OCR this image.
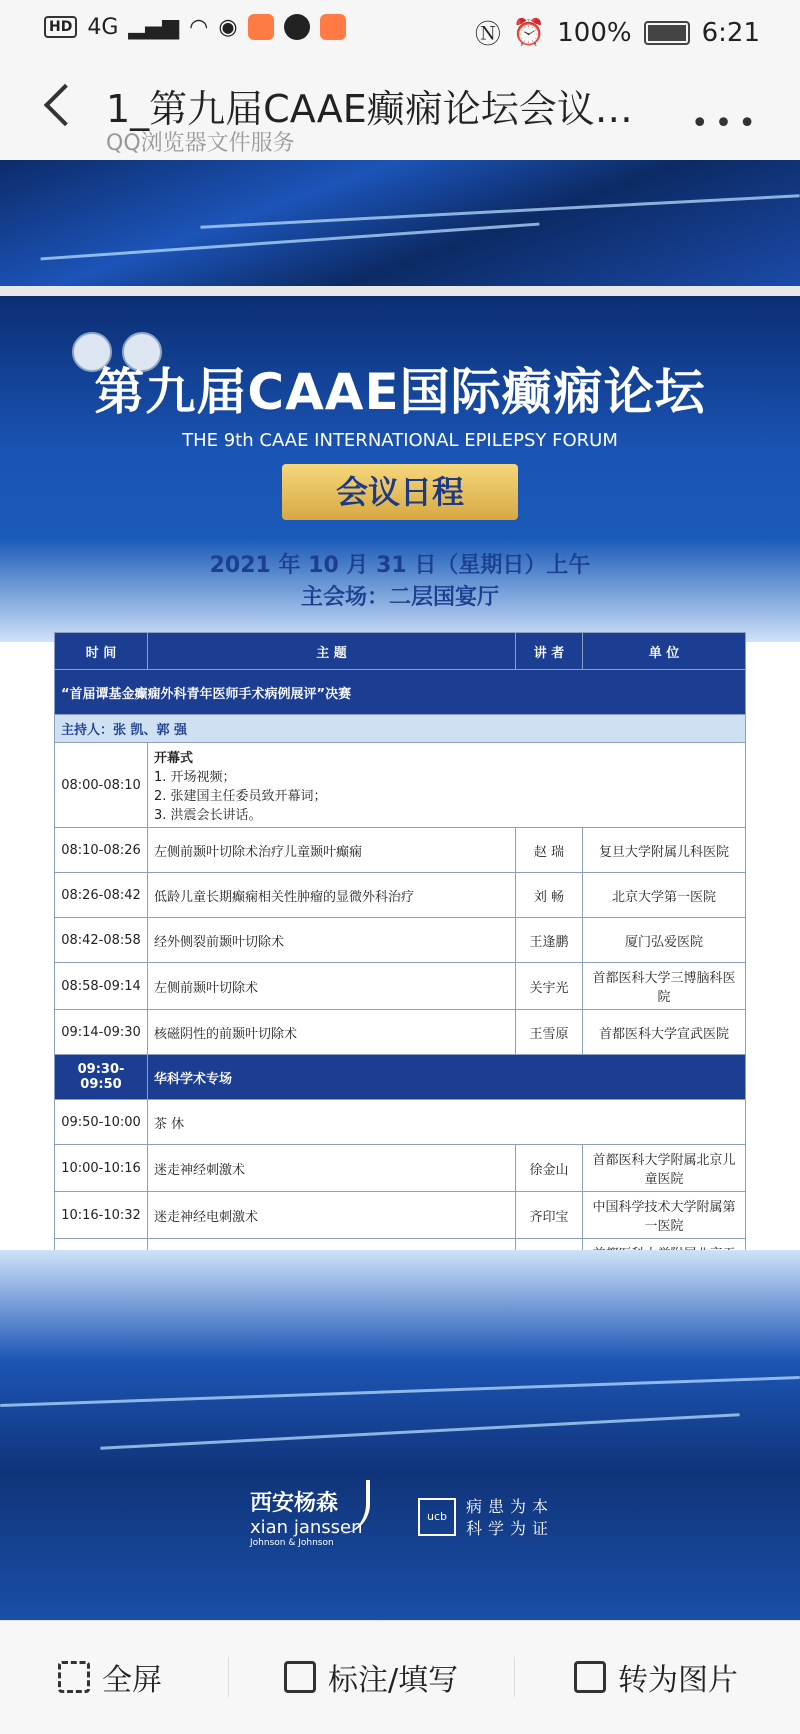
HD 4G ▂▄▆ ◠ ◉	Ⓝ ⏰ 100%	6:21
1_第九届CAAE癫痫论坛会议…
QQ浏览器文件服务
•••
第九届CAAE国际癫痫论坛
THE 9th CAAE INTERNATIONAL EPILEPSY FORUM
会议日程
2021 年 10 月 31 日（星期日）上午
主会场：二层国宴厅
时 间	主 题	讲 者	单 位
“首届谭基金癫痫外科青年医师手术病例展评”决赛			
主持人：张 凯、郭 强			
08:00-08:10	开幕式
1. 开场视频；
2. 张建国主任委员致开幕词；
3. 洪震会长讲话。		

08:10-08:26	左侧前颞叶切除术治疗儿童颞叶癫痫	赵 瑞	复旦大学附属儿科医院
08:26-08:42	低龄儿童长期癫痫相关性肿瘤的显微外科治疗	刘 畅	北京大学第一医院
08:42-08:58	经外侧裂前颞叶切除术	王逢鹏	厦门弘爱医院
08:58-09:14	左侧前颞叶切除术	关宇光	首都医科大学三博脑科医院
09:14-09:30	核磁阴性的前颞叶切除术	王雪原	首都医科大学宣武医院
09:30-09:50	华科学术专场		
09:50-10:00	茶 休		
10:00-10:16	迷走神经刺激术	徐金山	首都医科大学附属北京儿童医院
10:16-10:32	迷走神经电刺激术	齐印宝	中国科学技术大学附属第一医院

西安杨森
xian janssen
Johnson & Johnson
ucb
病患为本
科学为证
全屏	标注/填写	转为图片
